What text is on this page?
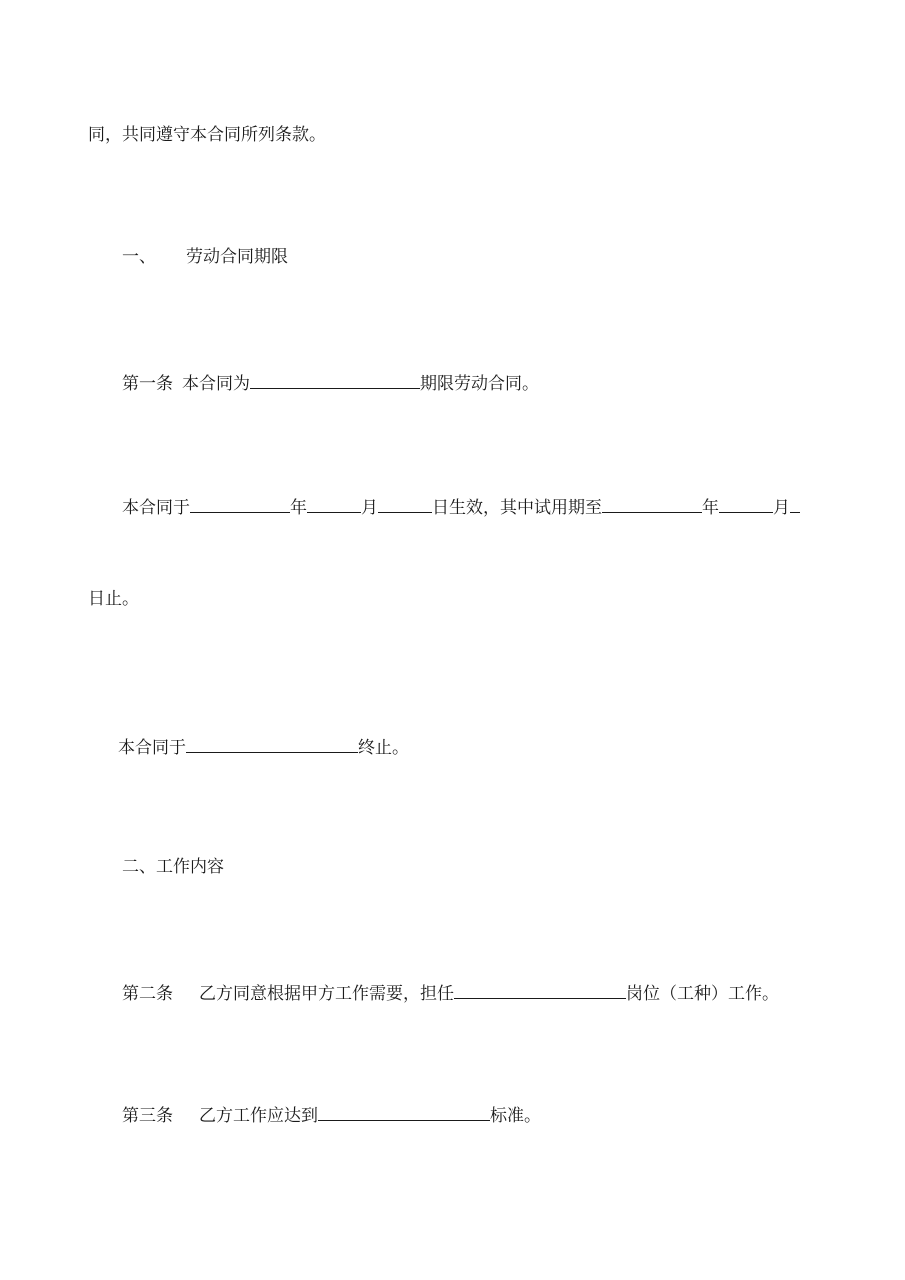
同，共同遵守本合同所列条款。
一、 劳动合同期限
第一条 本合同为	期限劳动合同。
本合同于	年	月	日生效，其中试用期至	年	月
日止。
本合同于	终止。
二、工作内容
第二条 乙方同意根据甲方工作需要，担任	岗位（工种）工作。
第三条 乙方工作应达到	标准。
